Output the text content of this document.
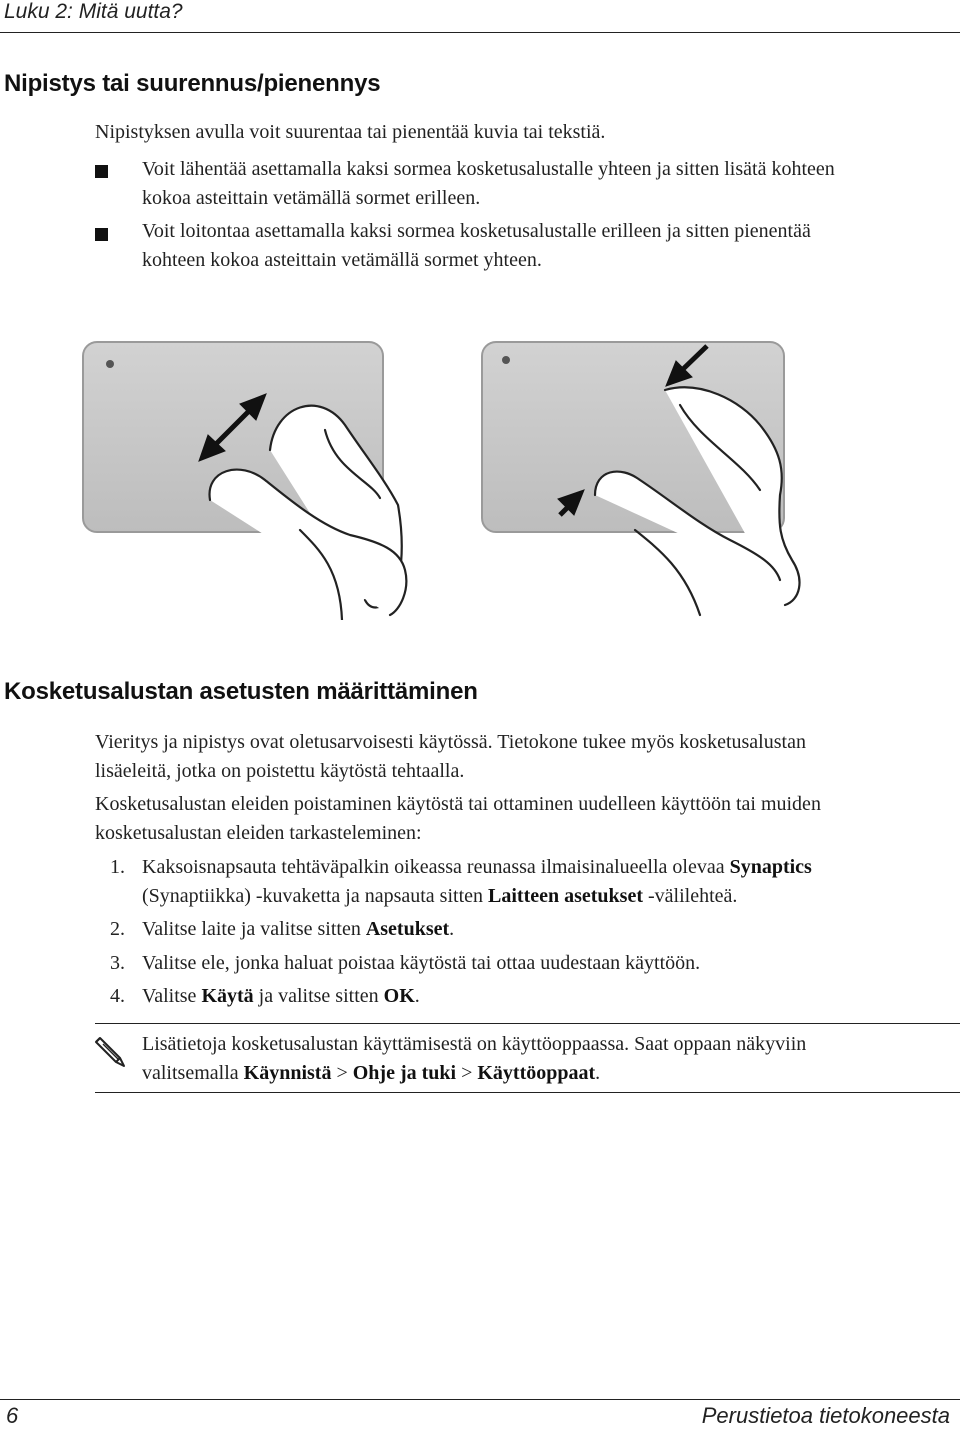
Luku 2: Mitä uutta?
Nipistys tai suurennus/pienennys
Nipistyksen avulla voit suurentaa tai pienentää kuvia tai tekstiä.
Voit lähentää asettamalla kaksi sormea kosketusalustalle yhteen ja sitten lisätä kohteen
kokoa asteittain vetämällä sormet erilleen.
Voit loitontaa asettamalla kaksi sormea kosketusalustalle erilleen ja sitten pienentää
kohteen kokoa asteittain vetämällä sormet yhteen.
Kosketusalustan asetusten määrittäminen
Vieritys ja nipistys ovat oletusarvoisesti käytössä. Tietokone tukee myös kosketusalustan
lisäeleitä, jotka on poistettu käytöstä tehtaalla.
Kosketusalustan eleiden poistaminen käytöstä tai ottaminen uudelleen käyttöön tai muiden
kosketusalustan eleiden tarkasteleminen:
1. Kaksoisnapsauta tehtäväpalkin oikeassa reunassa ilmaisinalueella olevaa Synaptics
(Synaptiikka) -kuvaketta ja napsauta sitten Laitteen asetukset -välilehteä.
2. Valitse laite ja valitse sitten Asetukset.
3. Valitse ele, jonka haluat poistaa käytöstä tai ottaa uudestaan käyttöön.
4. Valitse Käytä ja valitse sitten OK.
Lisätietoja kosketusalustan käyttämisestä on käyttöoppaassa. Saat oppaan näkyviin
valitsemalla Käynnistä > Ohje ja tuki > Käyttöoppaat.
6	Perustietoa tietokoneesta
